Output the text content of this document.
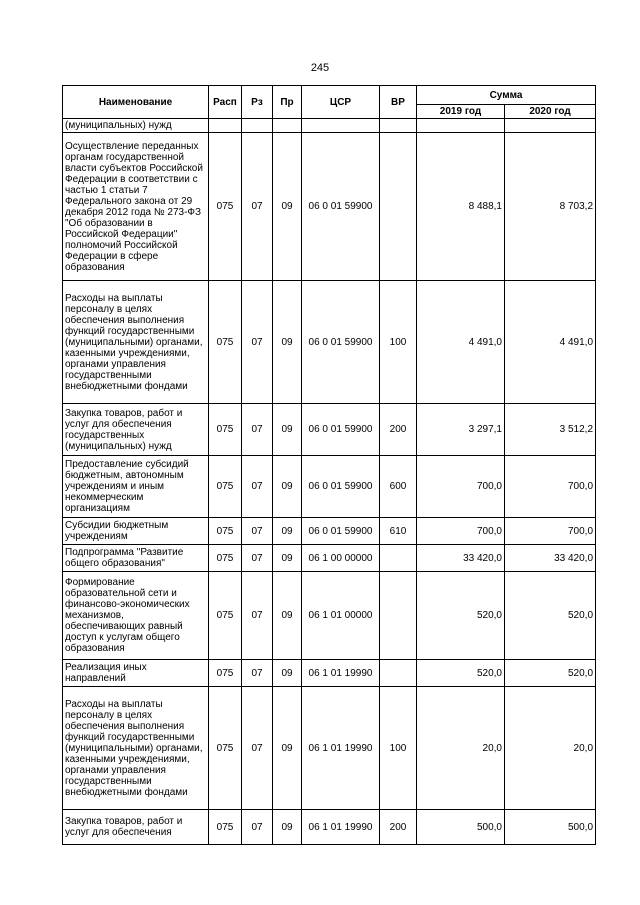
245
Наименование	Расп	Рз	Пр	ЦСР	ВР	Сумма	
						2019 год	2020 год
(муниципальных) нужд							
Осуществление переданных органам государственной власти субъектов Российской Федерации в соответствии с частью 1 статьи 7 Федерального закона от 29 декабря 2012 года № 273-ФЗ "Об образовании в Российской Федерации" полномочий Российской Федерации в сфере образования	075	07	09	06 0 01 59900		8 488,1	8 703,2
Расходы на выплаты персоналу в целях обеспечения выполнения функций государственными (муниципальными) органами, казенными учреждениями, органами управления государственными внебюджетными фондами	075	07	09	06 0 01 59900	100	4 491,0	4 491,0
Закупка товаров, работ и услуг для обеспечения государственных (муниципальных) нужд	075	07	09	06 0 01 59900	200	3 297,1	3 512,2
Предоставление субсидий бюджетным, автономным учреждениям и иным некоммерческим организациям	075	07	09	06 0 01 59900	600	700,0	700,0
Субсидии бюджетным учреждениям	075	07	09	06 0 01 59900	610	700,0	700,0
Подпрограмма "Развитие общего образования"	075	07	09	06 1 00 00000		33 420,0	33 420,0
Формирование образовательной сети и финансово-экономических механизмов, обеспечивающих равный доступ к услугам общего образования	075	07	09	06 1 01 00000		520,0	520,0
Реализация иных направлений	075	07	09	06 1 01 19990		520,0	520,0
Расходы на выплаты персоналу в целях обеспечения выполнения функций государственными (муниципальными) органами, казенными учреждениями, органами управления государственными внебюджетными фондами	075	07	09	06 1 01 19990	100	20,0	20,0
Закупка товаров, работ и услуг для обеспечения	075	07	09	06 1 01 19990	200	500,0	500,0
